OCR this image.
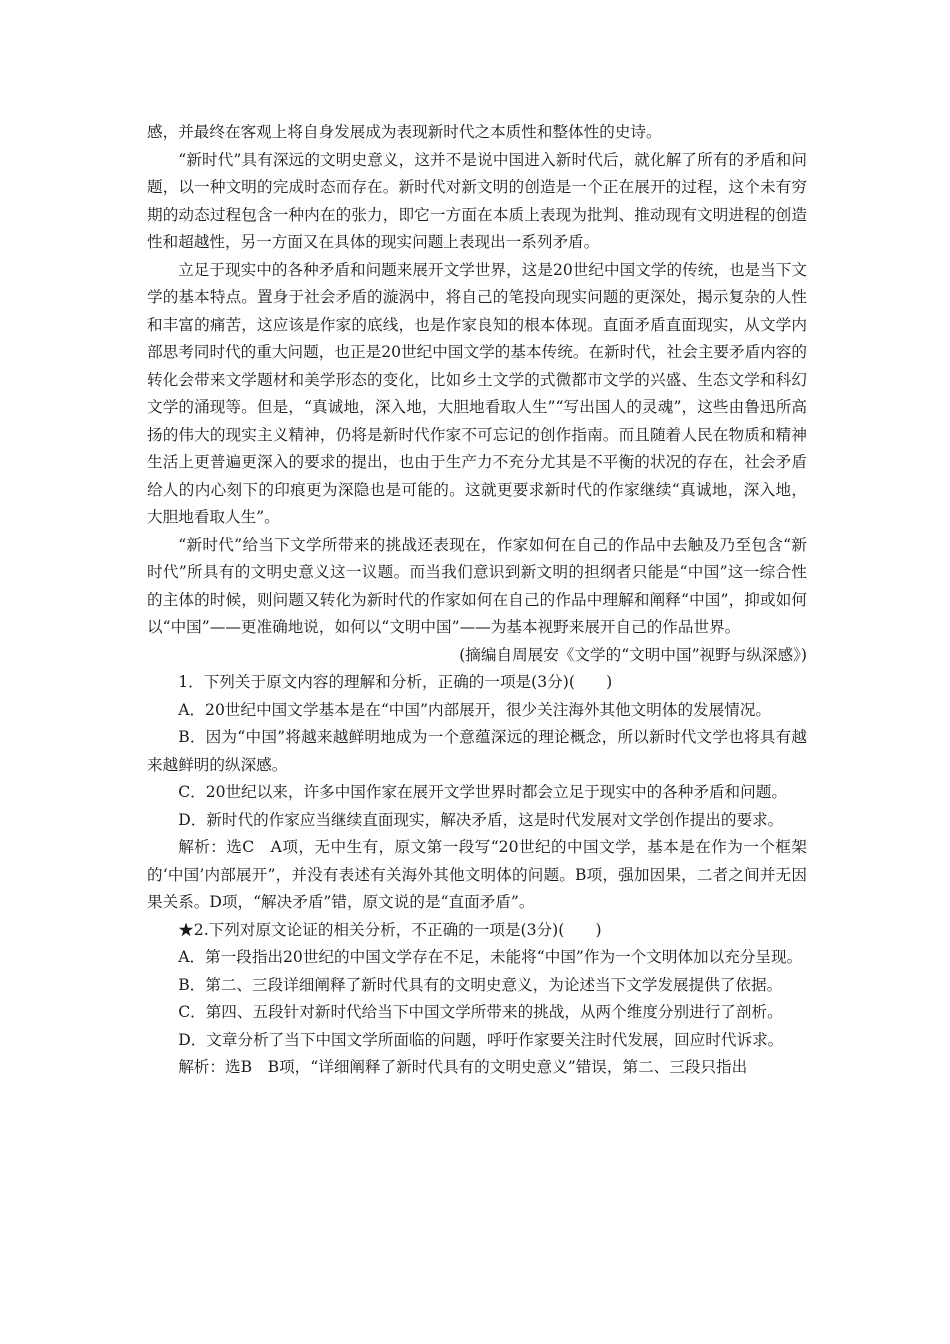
感，并最终在客观上将自身发展成为表现新时代之本质性和整体性的史诗。

“新时代”具有深远的文明史意义，这并不是说中国进入新时代后，就化解了所有的矛盾和问题，以一种文明的完成时态而存在。新时代对新文明的创造是一个正在展开的过程，这个未有穷期的动态过程包含一种内在的张力，即它一方面在本质上表现为批判、推动现有文明进程的创造性和超越性，另一方面又在具体的现实问题上表现出一系列矛盾。

立足于现实中的各种矛盾和问题来展开文学世界，这是20世纪中国文学的传统，也是当下文学的基本特点。置身于社会矛盾的漩涡中，将自己的笔投向现实问题的更深处，揭示复杂的人性和丰富的痛苦，这应该是作家的底线，也是作家良知的根本体现。直面矛盾直面现实，从文学内部思考同时代的重大问题，也正是20世纪中国文学的基本传统。在新时代，社会主要矛盾内容的转化会带来文学题材和美学形态的变化，比如乡土文学的式微都市文学的兴盛、生态文学和科幻文学的涌现等。但是，“真诚地，深入地，大胆地看取人生”“写出国人的灵魂”，这些由鲁迅所高扬的伟大的现实主义精神，仍将是新时代作家不可忘记的创作指南。而且随着人民在物质和精神生活上更普遍更深入的要求的提出，也由于生产力不充分尤其是不平衡的状况的存在，社会矛盾给人的内心刻下的印痕更为深隐也是可能的。这就更要求新时代的作家继续“真诚地，深入地，大胆地看取人生”。

“新时代”给当下文学所带来的挑战还表现在，作家如何在自己的作品中去触及乃至包含“新时代”所具有的文明史意义这一议题。而当我们意识到新文明的担纲者只能是“中国”这一综合性的主体的时候，则问题又转化为新时代的作家如何在自己的作品中理解和阐释“中国”，抑或如何以“中国”——更准确地说，如何以“文明中国”——为基本视野来展开自己的作品世界。

(摘编自周展安《文学的“文明中国”视野与纵深感》)

1．下列关于原文内容的理解和分析，正确的一项是(3分)(　　)

A．20世纪中国文学基本是在“中国”内部展开，很少关注海外其他文明体的发展情况。

B．因为“中国”将越来越鲜明地成为一个意蕴深远的理论概念，所以新时代文学也将具有越来越鲜明的纵深感。

C．20世纪以来，许多中国作家在展开文学世界时都会立足于现实中的各种矛盾和问题。

D．新时代的作家应当继续直面现实，解决矛盾，这是时代发展对文学创作提出的要求。

解析：选C　A项，无中生有，原文第一段写“20世纪的中国文学，基本是在作为一个框架的‘中国’内部展开”，并没有表述有关海外其他文明体的问题。B项，强加因果，二者之间并无因果关系。D项，“解决矛盾”错，原文说的是“直面矛盾”。

★2.下列对原文论证的相关分析，不正确的一项是(3分)(　　)

A．第一段指出20世纪的中国文学存在不足，未能将“中国”作为一个文明体加以充分呈现。

B．第二、三段详细阐释了新时代具有的文明史意义，为论述当下文学发展提供了依据。

C．第四、五段针对新时代给当下中国文学所带来的挑战，从两个维度分别进行了剖析。

D．文章分析了当下中国文学所面临的问题，呼吁作家要关注时代发展，回应时代诉求。

解析：选B　B项，“详细阐释了新时代具有的文明史意义”错误，第二、三段只指出
